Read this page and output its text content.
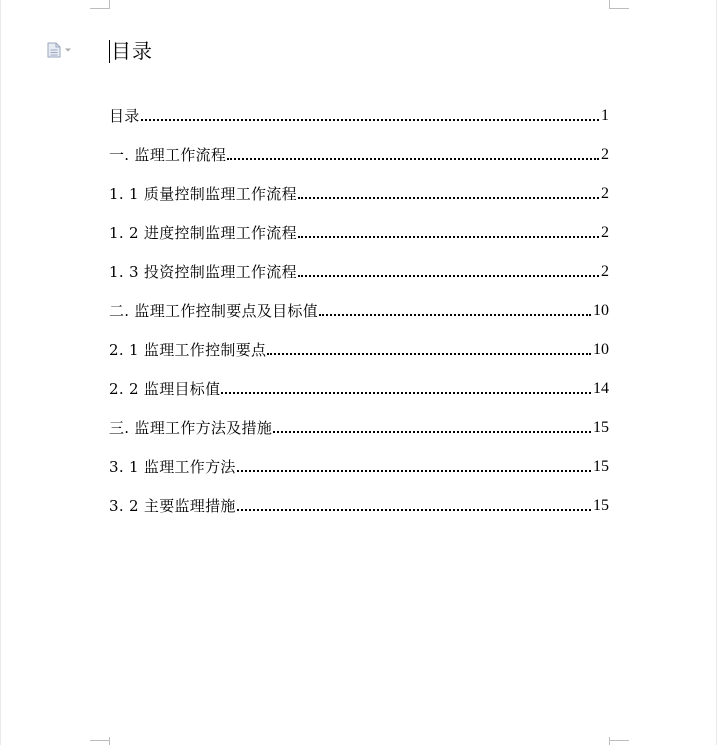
目录
目录	1
一. 监理工作流程	2
1. 1 质量控制监理工作流程	2
1. 2 进度控制监理工作流程	2
1. 3 投资控制监理工作流程	2
二. 监理工作控制要点及目标值	10
2. 1 监理工作控制要点	10
2. 2 监理目标值	14
三. 监理工作方法及措施	15
3. 1 监理工作方法	15
3. 2 主要监理措施	15
